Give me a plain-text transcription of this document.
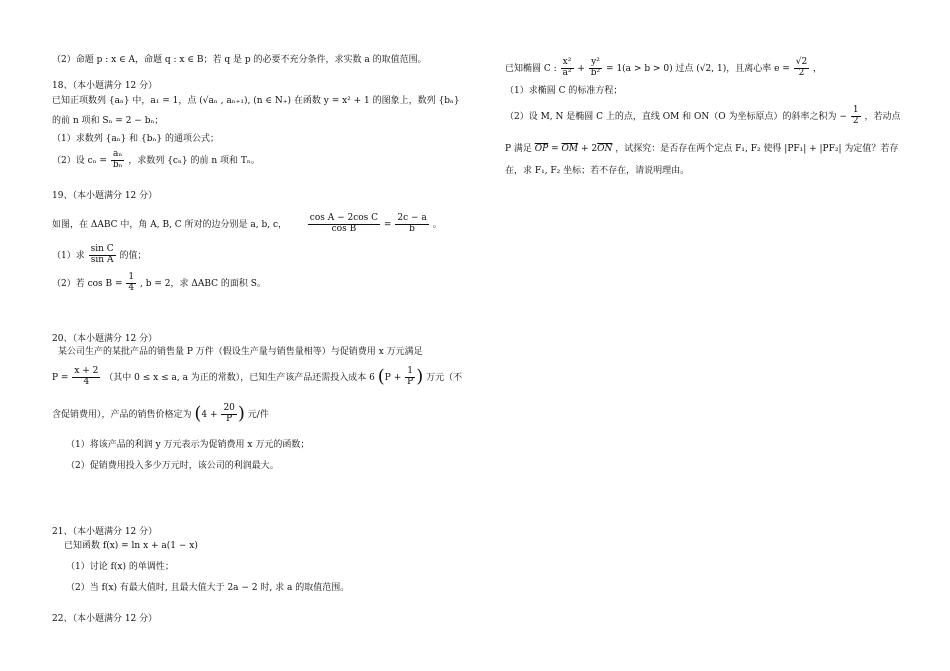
（2）命题 p : x ∈ A，命题 q : x ∈ B；若 q 是 p 的必要不充分条件，求实数 a 的取值范围。
18、（本小题满分 12 分）
已知正项数列 {aₙ} 中，a₁ = 1，点 (√aₙ , aₙ₊₁), (n ∈ N₊) 在函数 y = x² + 1 的图象上，数列 {bₙ}
的前 n 项和 Sₙ = 2 − bₙ；
（1）求数列 {aₙ} 和 {bₙ} 的通项公式；
（2）设 $c_n = \frac{\text{aₙ}}{\text{bₙ}}$ ，求数列 {cₙ} 的前 n 项和 Tₙ。
19、（本小题满分 12 分）
如图，在 ΔABC 中，角 A, B, C 所对的边分别是 a, b, c， $\frac{\text{cos A − 2cos C}}{\text{cos B}} = \frac{2c - a}{b}$ 。
（1）求 $\frac{\text{sin C}}{\text{sin A}}$ 的值；
（2）若 $\cos B = \frac{1}{4}$ , b = 2，求 ΔABC 的面积 S。
20、（本小题满分 12 分）
某公司生产的某批产品的销售量 P 万件（假设生产量与销售量相等）与促销费用 x 万元满足
$P = \frac{x + 2}{4}$ （其中 0 ≤ x ≤ a, a 为正的常数），已知生产该产品还需投入成本 6 ($P + \frac{1}{P}$ ) 万元（不
含促销费用），产品的销售价格定为 ($4 + \frac{20}{P}$ ) 元/件
（1）将该产品的利润 y 万元表示为促销费用 x 万元的函数；
（2）促销费用投入多少万元时，该公司的利润最大。
21、（本小题满分 12 分）
已知函数 f(x) = ln x + a(1 − x)
（1）讨论 f(x) 的单调性；
（2）当 f(x) 有最大值时, 且最大值大于 2a − 2 时, 求 a 的取值范围。
22、（本小题满分 12 分）
已知椭圆 C : $\frac{\text{x²}}{\text{a²}} + \frac{\text{y²}}{\text{b²}} = 1(a > b > 0)$ 过点 (√2, 1)，且离心率 $e = \frac{√2}{2}$ ，
（1）求椭圆 C 的标准方程；
（2）设 M, N 是椭圆 C 上的点，直线 OM 和 ON（O 为坐标原点）的斜率之积为 − $\frac{1}{2}$ ，若动点
P 满足 $\overline{OP} = \overline{OM} + 2\overline{ON}$ ，试探究：是否存在两个定点 F₁, F₂ 使得 |PF₁| + |PF₂| 为定值？若存
在，求 F₁, F₂ 坐标；若不存在，请说明理由。
